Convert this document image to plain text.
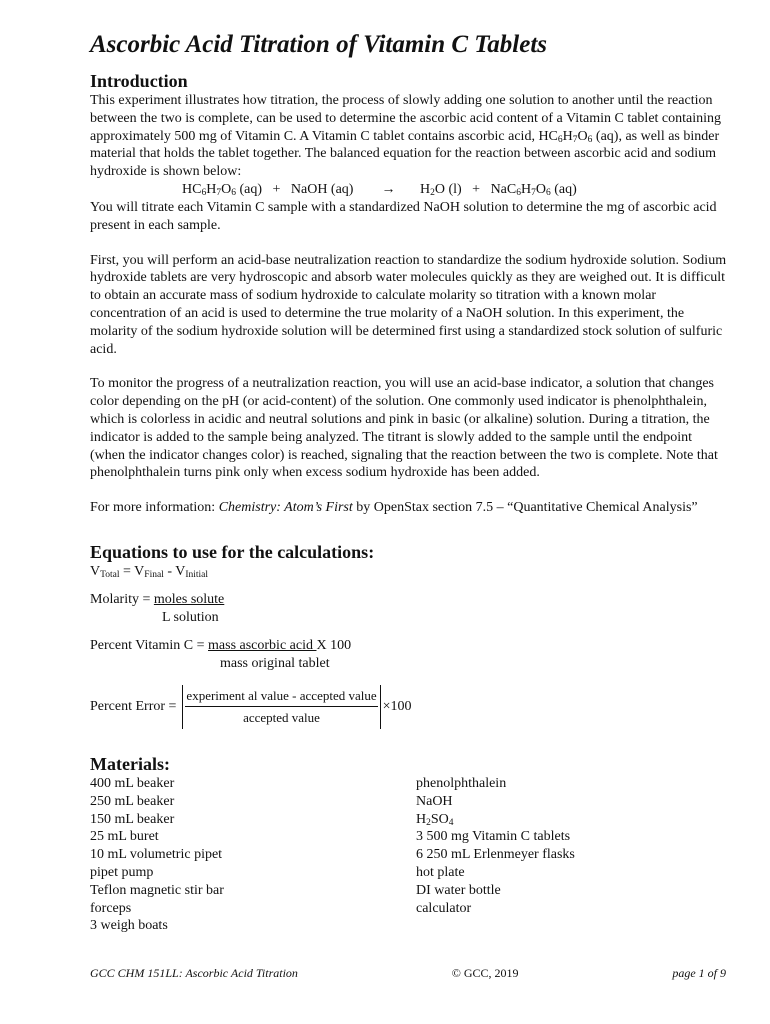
Ascorbic Acid Titration of Vitamin C Tablets
Introduction

This experiment illustrates how titration, the process of slowly adding one solution to another until the reaction between the two is complete, can be used to determine the ascorbic acid content of a Vitamin C tablet containing approximately 500 mg of Vitamin C. A Vitamin C tablet contains ascorbic acid, $HC_6H_7O_6$ (aq), as well as binder material that holds the tablet together. The balanced equation for the reaction between ascorbic acid and sodium hydroxide is shown below:

$HC_6H_7O_6$ (aq)   +   NaOH (aq)        →       $H_2O$ $(l) + NaC_6H_7O_6$ (aq)

You will titrate each Vitamin C sample with a standardized NaOH solution to determine the mg of ascorbic acid present in each sample.

First, you will perform an acid-base neutralization reaction to standardize the sodium hydroxide solution. Sodium hydroxide tablets are very hydroscopic and absorb water molecules quickly as they are weighed out. It is difficult to obtain an accurate mass of sodium hydroxide to calculate molarity so titration with a known molar concentration of an acid is used to determine the true molarity of a NaOH solution. In this experiment, the molarity of the sodium hydroxide solution will be determined first using a standardized stock solution of sulfuric acid.

To monitor the progress of a neutralization reaction, you will use an acid-base indicator, a solution that changes color depending on the pH (or acid-content) of the solution. One commonly used indicator is phenolphthalein, which is colorless in acidic and neutral solutions and pink in basic (or alkaline) solution. During a titration, the indicator is added to the sample being analyzed. The titrant is slowly added to the sample until the endpoint (when the indicator changes color) is reached, signaling that the reaction between the two is complete. Note that phenolphthalein turns pink only when excess sodium hydroxide has been added.

For more information: Chemistry: Atom’s First by OpenStax section 7.5 – “Quantitative Chemical Analysis”

Equations to use for the calculations:
$V_{Total} = V_{Final} - V_{Initial}$
Molarity = moles solute
L solution
Percent Vitamin C = mass ascorbic acid X 100
mass original tablet
Percent Error = $\frac{\text{experiment al value - accepted value}}{\text{accepted value}} \times 100$
Materials:
400 mL beaker
250 mL beaker
150 mL beaker
25 mL buret
10 mL volumetric pipet
pipet pump
Teflon magnetic stir bar
forceps
3 weigh boats
phenolphthalein
NaOH
$H_2SO_4$
3 500 mg Vitamin C tablets
6 250 mL Erlenmeyer flasks
hot plate
DI water bottle
calculator
GCC CHM 151LL: Ascorbic Acid Titration	© GCC, 2019	page 1 of 9
